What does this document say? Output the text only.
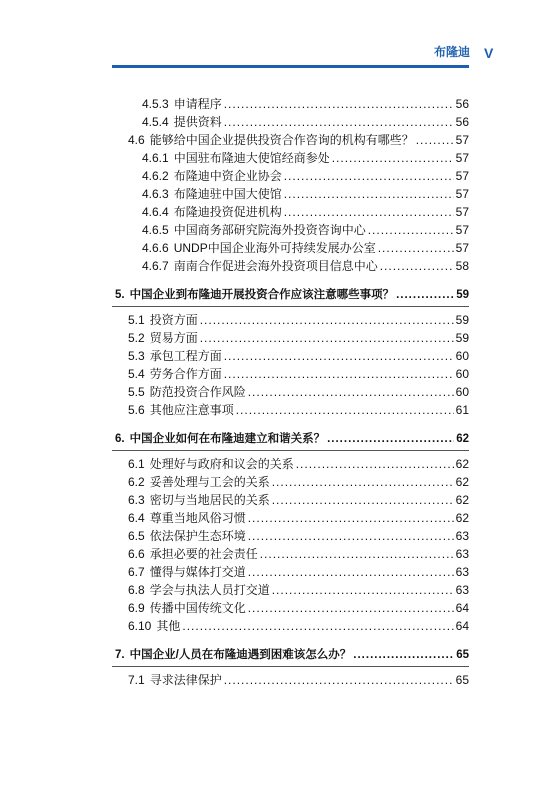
布隆迪 V
4.5.3 申请程序 .....	56
4.5.4 提供资料 .....	56
4.6 能够给中国企业提供投资合作咨询的机构有哪些？ .....	57
4.6.1 中国驻布隆迪大使馆经商参处 .....	57
4.6.2 布隆迪中资企业协会 .....	57
4.6.3 布隆迪驻中国大使馆 .....	57
4.6.4 布隆迪投资促进机构 .....	57
4.6.5 中国商务部研究院海外投资咨询中心 .....	57
4.6.6 UNDP中国企业海外可持续发展办公室 .....	57
4.6.7 南南合作促进会海外投资项目信息中心 .....	58
5. 中国企业到布隆迪开展投资合作应该注意哪些事项？ .....	59
5.1 投资方面 .....	59
5.2 贸易方面 .....	59
5.3 承包工程方面 .....	60
5.4 劳务合作方面 .....	60
5.5 防范投资合作风险 .....	60
5.6 其他应注意事项 .....	61
6. 中国企业如何在布隆迪建立和谐关系？ .....	62
6.1 处理好与政府和议会的关系 .....	62
6.2 妥善处理与工会的关系 .....	62
6.3 密切与当地居民的关系 .....	62
6.4 尊重当地风俗习惯 .....	62
6.5 依法保护生态环境 .....	63
6.6 承担必要的社会责任 .....	63
6.7 懂得与媒体打交道 .....	63
6.8 学会与执法人员打交道 .....	63
6.9 传播中国传统文化 .....	64
6.10 其他 .....	64
7. 中国企业/人员在布隆迪遇到困难该怎么办？ .....	65
7.1 寻求法律保护 .....	65
